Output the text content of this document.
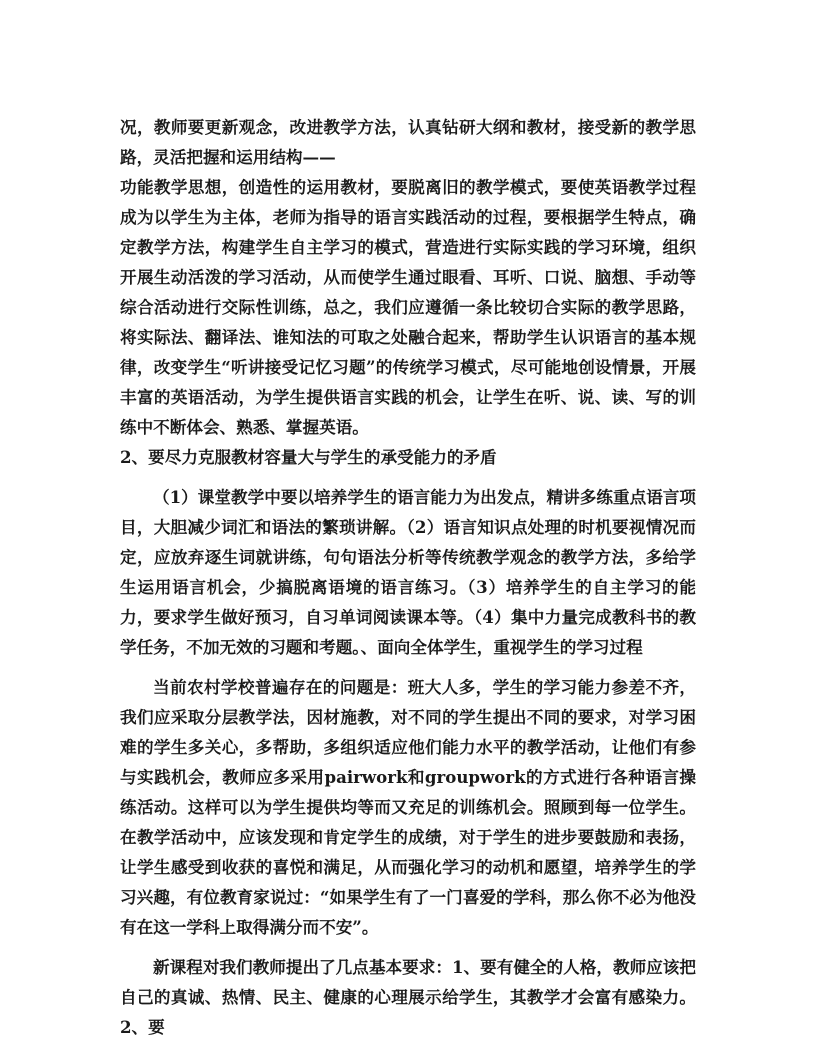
况，教师要更新观念，改进教学方法，认真钻研大纲和教材，接受新的教学思路，灵活把握和运用结构——

功能教学思想，创造性的运用教材，要脱离旧的教学模式，要使英语教学过程成为以学生为主体，老师为指导的语言实践活动的过程，要根据学生特点，确定教学方法，构建学生自主学习的模式，营造进行实际实践的学习环境，组织开展生动活泼的学习活动，从而使学生通过眼看、耳听、口说、脑想、手动等综合活动进行交际性训练，总之，我们应遵循一条比较切合实际的教学思路，将实际法、翻译法、谁知法的可取之处融合起来，帮助学生认识语言的基本规律，改变学生“听讲接受记忆习题”的传统学习模式，尽可能地创设情景，开展丰富的英语活动，为学生提供语言实践的机会，让学生在听、说、读、写的训练中不断体会、熟悉、掌握英语。

2、要尽力克服教材容量大与学生的承受能力的矛盾

（1）课堂教学中要以培养学生的语言能力为出发点，精讲多练重点语言项目，大胆减少词汇和语法的繁琐讲解。（2）语言知识点处理的时机要视情况而定，应放弃逐生词就讲练，句句语法分析等传统教学观念的教学方法，多给学生运用语言机会，少搞脱离语境的语言练习。（3）培养学生的自主学习的能力，要求学生做好预习，自习单词阅读课本等。（4）集中力量完成教科书的教学任务，不加无效的习题和考题。、面向全体学生，重视学生的学习过程

当前农村学校普遍存在的问题是：班大人多，学生的学习能力参差不齐，我们应采取分层教学法，因材施教，对不同的学生提出不同的要求，对学习困难的学生多关心，多帮助，多组织适应他们能力水平的教学活动，让他们有参与实践机会，教师应多采用pairwork和groupwork的方式进行各种语言操练活动。这样可以为学生提供均等而又充足的训练机会。照顾到每一位学生。在教学活动中，应该发现和肯定学生的成绩，对于学生的进步要鼓励和表扬，让学生感受到收获的喜悦和满足，从而强化学习的动机和愿望，培养学生的学习兴趣，有位教育家说过：“如果学生有了一门喜爱的学科，那么你不必为他没有在这一学科上取得满分而不安”。

新课程对我们教师提出了几点基本要求：1、要有健全的人格，教师应该把自己的真诚、热情、民主、健康的心理展示给学生，其教学才会富有感染力。2、要
